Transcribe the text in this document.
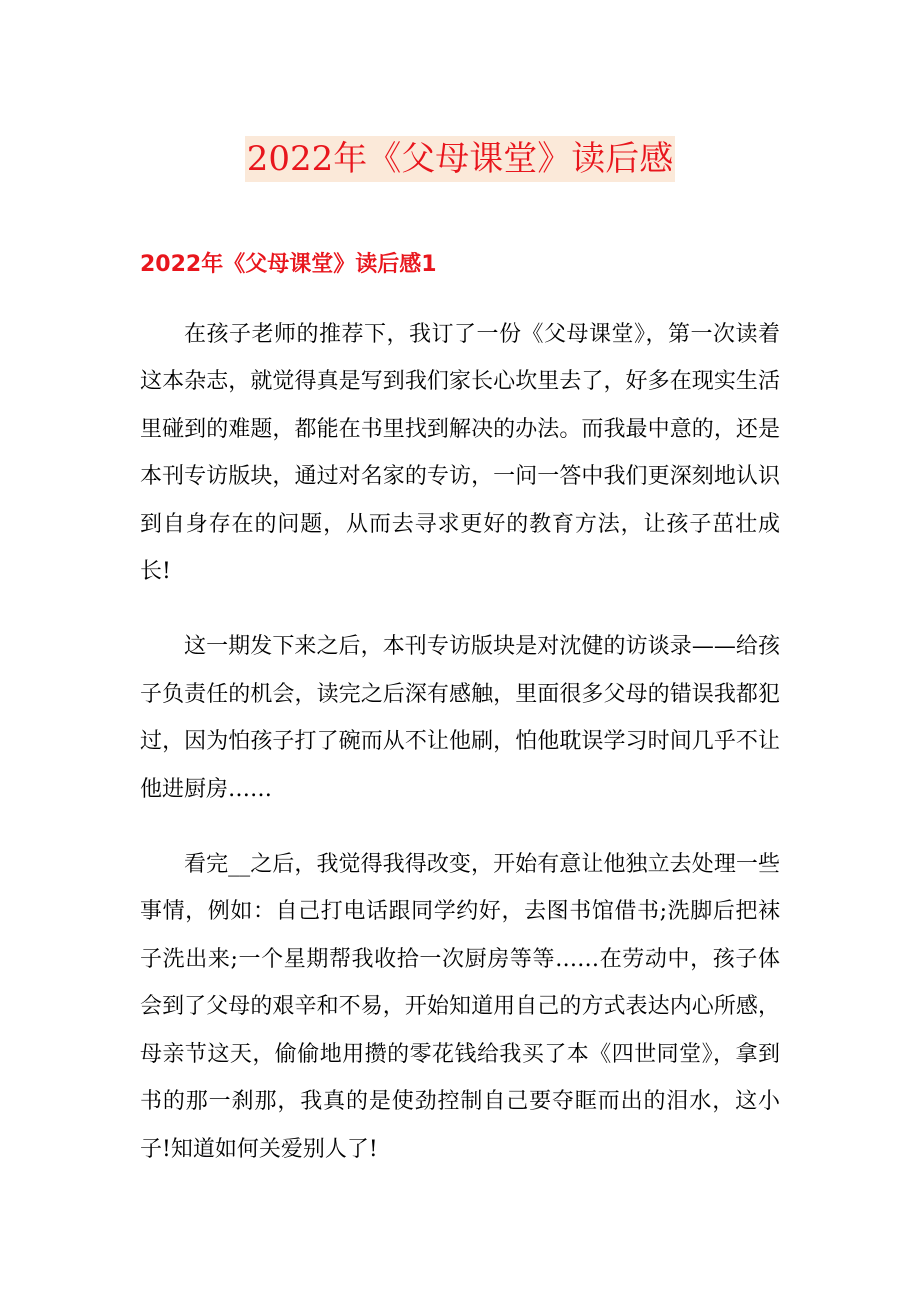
2022年《父母课堂》读后感
2022年《父母课堂》读后感1

在孩子老师的推荐下，我订了一份《父母课堂》，第一次读着这本杂志，就觉得真是写到我们家长心坎里去了，好多在现实生活里碰到的难题，都能在书里找到解决的办法。而我最中意的，还是本刊专访版块，通过对名家的专访，一问一答中我们更深刻地认识到自身存在的问题，从而去寻求更好的教育方法，让孩子茁壮成长!

这一期发下来之后，本刊专访版块是对沈健的访谈录——给孩子负责任的机会，读完之后深有感触，里面很多父母的错误我都犯过，因为怕孩子打了碗而从不让他刷，怕他耽误学习时间几乎不让他进厨房……

看完__之后，我觉得我得改变，开始有意让他独立去处理一些事情，例如：自己打电话跟同学约好，去图书馆借书;洗脚后把袜子洗出来;一个星期帮我收拾一次厨房等等……在劳动中，孩子体会到了父母的艰辛和不易，开始知道用自己的方式表达内心所感，母亲节这天，偷偷地用攒的零花钱给我买了本《四世同堂》，拿到书的那一刹那，我真的是使劲控制自己要夺眶而出的泪水，这小子!知道如何关爱别人了!
